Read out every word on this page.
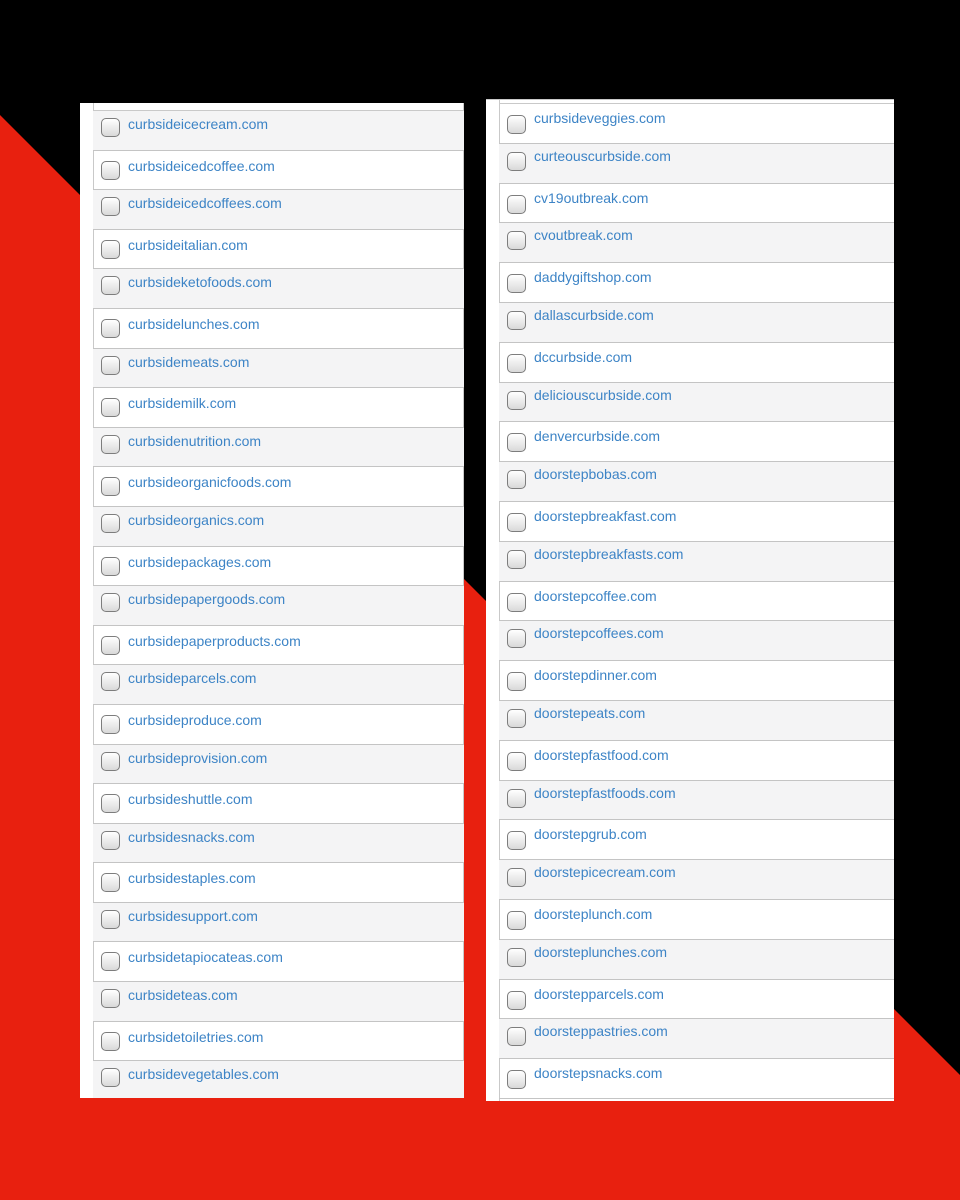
curbsideicecream.com
curbsideicedcoffee.com
curbsideicedcoffees.com
curbsideitalian.com
curbsideketofoods.com
curbsidelunches.com
curbsidemeats.com
curbsidemilk.com
curbsidenutrition.com
curbsideorganicfoods.com
curbsideorganics.com
curbsidepackages.com
curbsidepapergoods.com
curbsidepaperproducts.com
curbsideparcels.com
curbsideproduce.com
curbsideprovision.com
curbsideshuttle.com
curbsidesnacks.com
curbsidestaples.com
curbsidesupport.com
curbsidetapiocateas.com
curbsideteas.com
curbsidetoiletries.com
curbsidevegetables.com
curbsideveggies.com
curteouscurbside.com
cv19outbreak.com
cvoutbreak.com
daddygiftshop.com
dallascurbside.com
dccurbside.com
deliciouscurbside.com
denvercurbside.com
doorstepbobas.com
doorstepbreakfast.com
doorstepbreakfasts.com
doorstepcoffee.com
doorstepcoffees.com
doorstepdinner.com
doorstepeats.com
doorstepfastfood.com
doorstepfastfoods.com
doorstepgrub.com
doorstepicecream.com
doorsteplunch.com
doorsteplunches.com
doorstepparcels.com
doorsteppastries.com
doorstepsnacks.com
